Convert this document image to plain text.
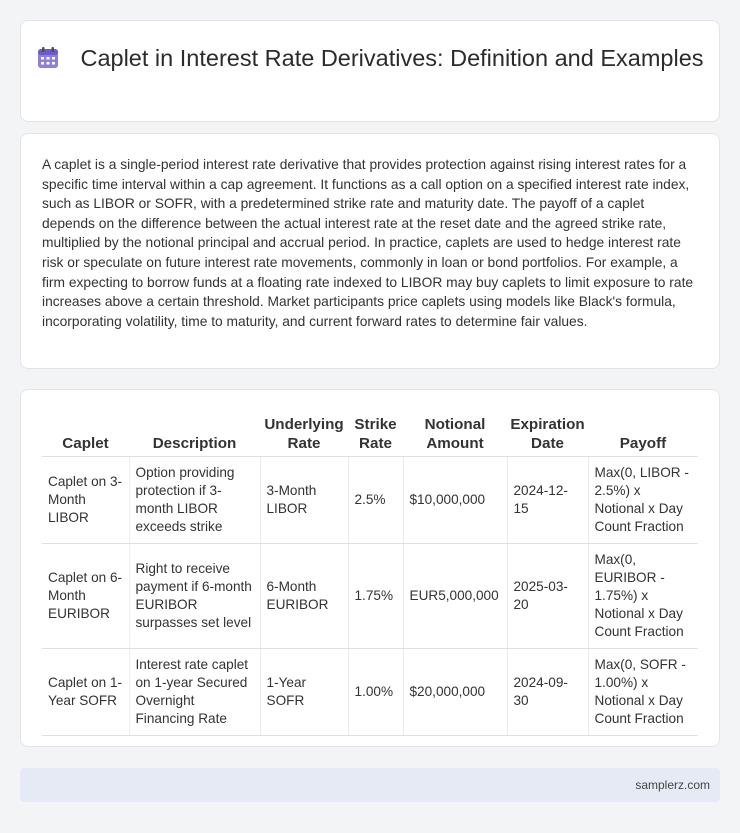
Caplet in Interest Rate Derivatives: Definition and Examples

A caplet is a single-period interest rate derivative that provides protection against rising interest rates for a specific time interval within a cap agreement. It functions as a call option on a specified interest rate index, such as LIBOR or SOFR, with a predetermined strike rate and maturity date. The payoff of a caplet depends on the difference between the actual interest rate at the reset date and the agreed strike rate, multiplied by the notional principal and accrual period. In practice, caplets are used to hedge interest rate risk or speculate on future interest rate movements, commonly in loan or bond portfolios. For example, a firm expecting to borrow funds at a floating rate indexed to LIBOR may buy caplets to limit exposure to rate increases above a certain threshold. Market participants price caplets using models like Black's formula, incorporating volatility, time to maturity, and current forward rates to determine fair values.

Caplet	Description	Underlying Rate	Strike Rate	Notional Amount	Expiration Date	Payoff
Caplet on 3-Month LIBOR	Option providing protection if 3-month LIBOR exceeds strike	3-Month LIBOR	2.5%	$10,000,000	2024-12-15	Max(0, LIBOR - 2.5%) x Notional x Day Count Fraction
Caplet on 6-Month EURIBOR	Right to receive payment if 6-month EURIBOR surpasses set level	6-Month EURIBOR	1.75%	EUR5,000,000	2025-03-20	Max(0, EURIBOR - 1.75%) x Notional x Day Count Fraction
Caplet on 1-Year SOFR	Interest rate caplet on 1-year Secured Overnight Financing Rate	1-Year SOFR	1.00%	$20,000,000	2024-09-30	Max(0, SOFR - 1.00%) x Notional x Day Count Fraction
samplerz.com
